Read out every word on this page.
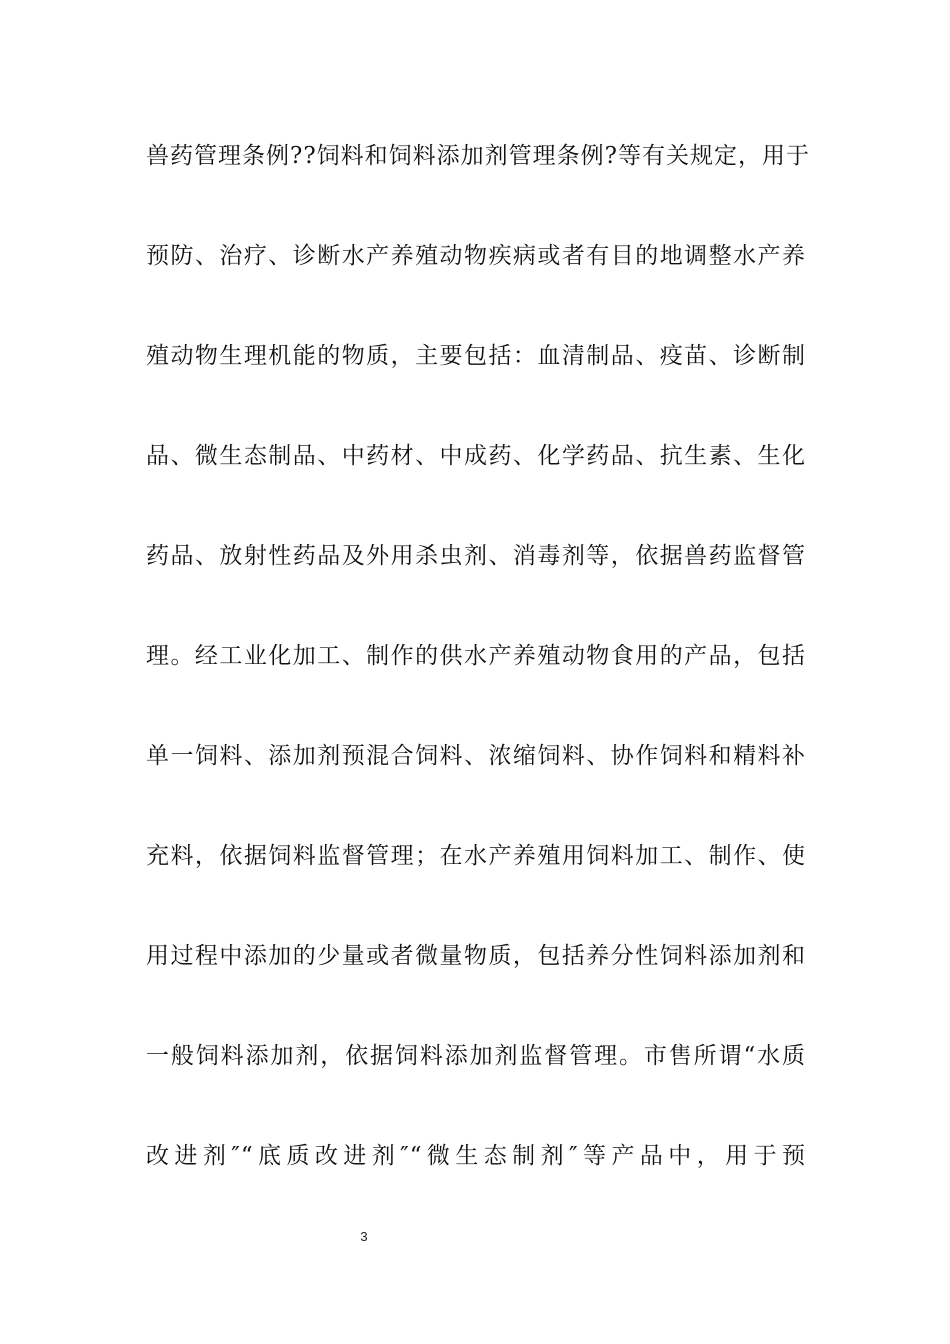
兽药管理条例??饲料和饲料添加剂管理条例?等有关规定，用于
预防、治疗、诊断水产养殖动物疾病或者有目的地调整水产养
殖动物生理机能的物质，主要包括：血清制品、疫苗、诊断制
品、微生态制品、中药材、中成药、化学药品、抗生素、生化
药品、放射性药品及外用杀虫剂、消毒剂等，依据兽药监督管
理。经工业化加工、制作的供水产养殖动物食用的产品，包括
单一饲料、添加剂预混合饲料、浓缩饲料、协作饲料和精料补
充料，依据饲料监督管理；在水产养殖用饲料加工、制作、使
用过程中添加的少量或者微量物质，包括养分性饲料添加剂和
一般饲料添加剂，依据饲料添加剂监督管理。市售所谓“水质
改进剂″“底质改进剂″“微生态制剂″等产品中，用于预
3
